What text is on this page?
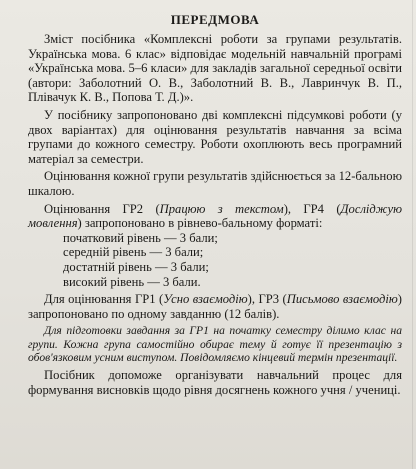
ПЕРЕДМОВА

Зміст посібника «Комплексні роботи за групами результатів. Українська мова. 6 клас» відповідає модельній навчальній програмі «Українська мова. 5–6 класи» для закладів загальної середньої освіти (автори: Заболотний О. В., Заболотний В. В., Лавринчук В. П., Плівачук К. В., Попова Т. Д.)».

У посібнику запропоновано дві комплексні підсумкові роботи (у двох варіантах) для оцінювання результатів навчання за всіма групами до кожного семестру. Роботи охоплюють весь програмний матеріал за семестри.

Оцінювання кожної групи результатів здійснюється за 12-бальною шкалою.

Оцінювання ГР2 (Працюю з текстом), ГР4 (Досліджую мовлення) запропоновано в рівнево-бальному форматі:

початковий рівень — 3 бали;
середній рівень — 3 бали;
достатній рівень — 3 бали;
високий рівень — 3 бали.

Для оцінювання ГР1 (Усно взаємодію), ГР3 (Письмово взаємодію) запропоновано по одному завданню (12 балів).

Для підготовки завдання за ГР1 на початку семестру ділимо клас на групи. Кожна група самостійно обирає тему й готує її презентацію з обов'язковим усним виступом. Повідомляємо кінцевий термін презентації.

Посібник допоможе організувати навчальний процес для формування висновків щодо рівня досягнень кожного учня / учениці.
